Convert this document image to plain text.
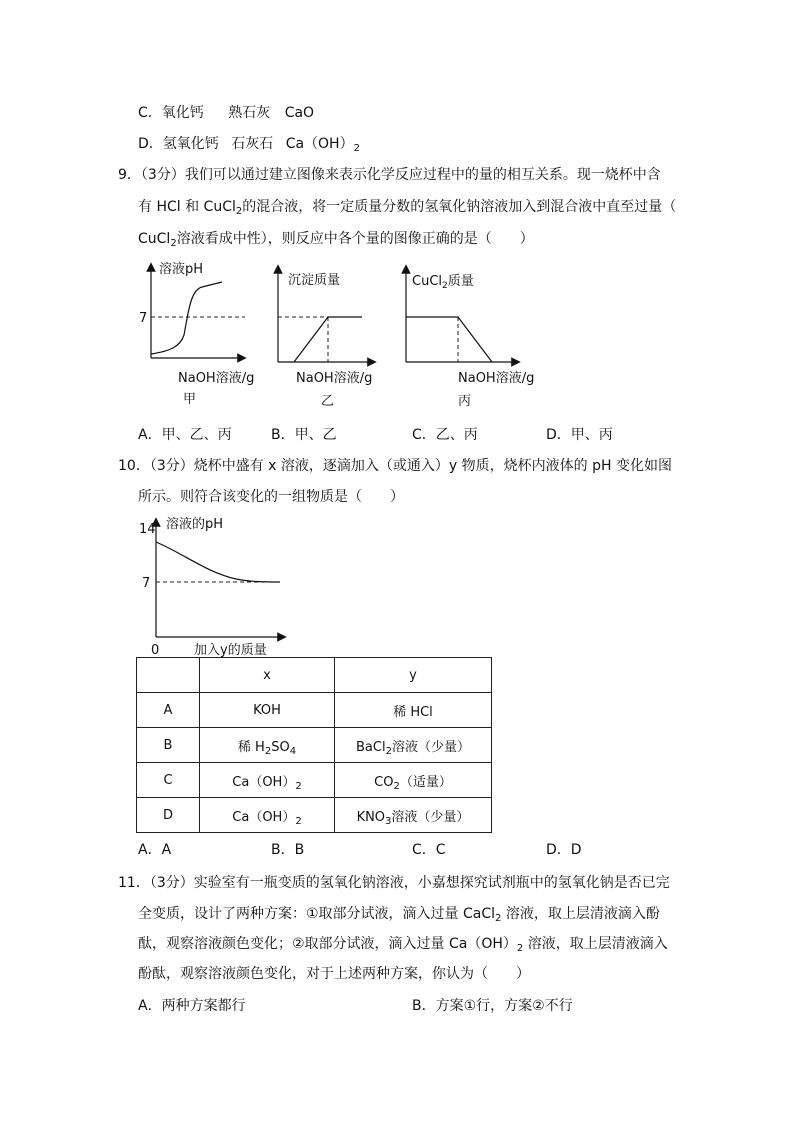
C．氧化钙 熟石灰 CaO
D．氢氧化钙 石灰石 $Ca(OH)_2$
9．（3分）我们可以通过建立图像来表示化学反应过程中的量的相互关系。现一烧杯中含
有 HCl 和 CuCl$_2$的混合液，将一定质量分数的氢氧化钠溶液加入到混合液中直至过量（
CuCl$_2$溶液看成中性），则反应中各个量的图像正确的是（　　）
溶液pH
7
NaOH溶液/g
甲
沉淀质量
NaOH溶液/g
乙
CuCl$_2$质量
NaOH溶液/g
丙
A．甲、乙、丙	B．甲、乙	C．乙、丙	D．甲、丙
10．（3分）烧杯中盛有 x 溶液，逐滴加入（或通入）y 物质，烧杯内液体的 pH 变化如图
所示。则符合该变化的一组物质是（　　）
溶液的pH
14
7
0	加入y的质量
	x	y
A	KOH	稀 HCl
B	稀 $H_2SO_4$	BaCl$_2$溶液（少量）
C	$Ca(OH)_2$	$CO_2$（适量）
D	$Ca(OH)_2$	$KNO_3$溶液（少量）
A．A	B．B	C．C	D．D
11．（3分）实验室有一瓶变质的氢氧化钠溶液，小嘉想探究试剂瓶中的氢氧化钠是否已完
全变质，设计了两种方案：①取部分试液，滴入过量 CaCl$_2$ 溶液，取上层清液滴入酚
酞，观察溶液颜色变化；②取部分试液，滴入过量 $Ca(OH)_2$ 溶液，取上层清液滴入
酚酞，观察溶液颜色变化，对于上述两种方案，你认为（　　）
A．两种方案都行	B．方案①行，方案②不行
